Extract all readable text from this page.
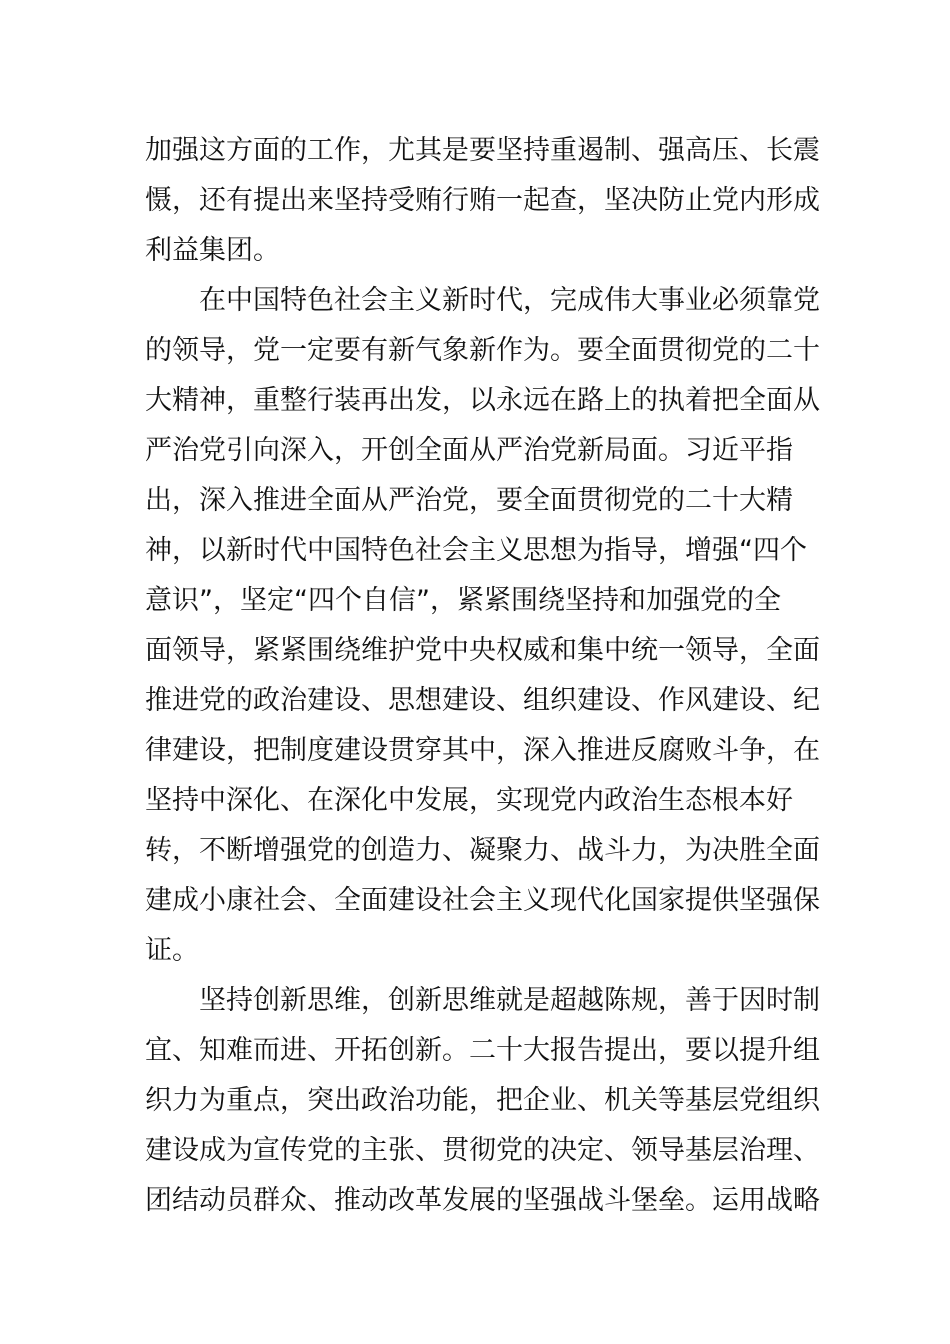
加强这方面的工作，尤其是要坚持重遏制、强高压、长震
慑，还有提出来坚持受贿行贿一起查，坚决防止党内形成
利益集团。
　　在中国特色社会主义新时代，完成伟大事业必须靠党
的领导，党一定要有新气象新作为。要全面贯彻党的二十
大精神，重整行装再出发，以永远在路上的执着把全面从
严治党引向深入，开创全面从严治党新局面。习近平指
出，深入推进全面从严治党，要全面贯彻党的二十大精
神，以新时代中国特色社会主义思想为指导，增强“四个
意识”，坚定“四个自信”，紧紧围绕坚持和加强党的全
面领导，紧紧围绕维护党中央权威和集中统一领导，全面
推进党的政治建设、思想建设、组织建设、作风建设、纪
律建设，把制度建设贯穿其中，深入推进反腐败斗争，在
坚持中深化、在深化中发展，实现党内政治生态根本好
转，不断增强党的创造力、凝聚力、战斗力，为决胜全面
建成小康社会、全面建设社会主义现代化国家提供坚强保
证。
　　坚持创新思维，创新思维就是超越陈规，善于因时制
宜、知难而进、开拓创新。二十大报告提出，要以提升组
织力为重点，突出政治功能，把企业、机关等基层党组织
建设成为宣传党的主张、贯彻党的决定、领导基层治理、
团结动员群众、推动改革发展的坚强战斗堡垒。运用战略
